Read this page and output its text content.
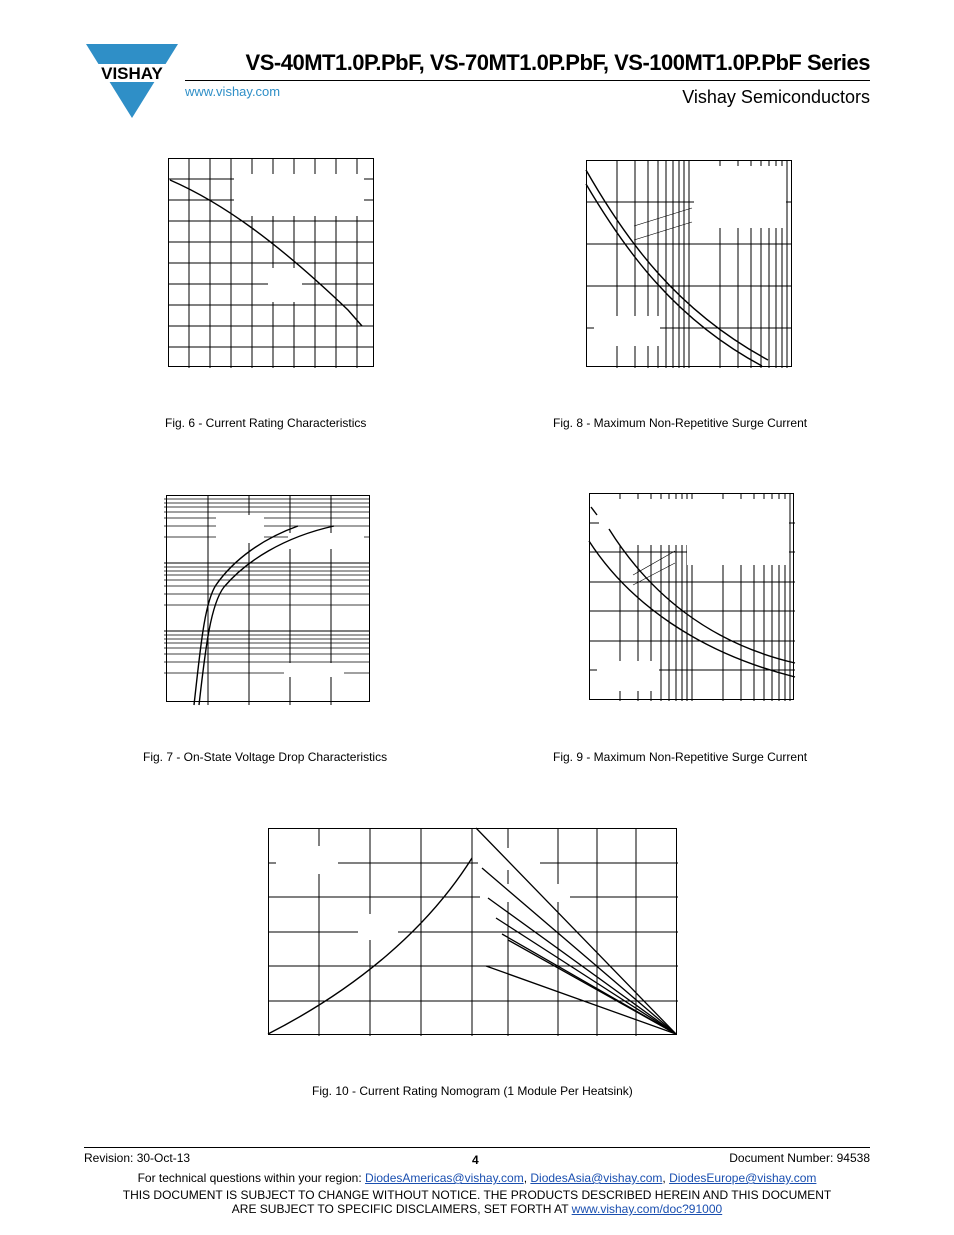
VISHAY	VS-40MT1.0P.PbF, VS-70MT1.0P.PbF, VS-100MT1.0P.PbF Series
www.vishay.com	Vishay Semiconductors
Fig. 6 - Current Rating Characteristics	Fig. 8 - Maximum Non-Repetitive Surge Current
Fig. 7 - On-State Voltage Drop Characteristics	Fig. 9 - Maximum Non-Repetitive Surge Current
Fig. 10 - Current Rating Nomogram (1 Module Per Heatsink)
Revision: 30-Oct-13	4	Document Number: 94538
For technical questions within your region: DiodesAmericas@vishay.com, DiodesAsia@vishay.com, DiodesEurope@vishay.com
THIS DOCUMENT IS SUBJECT TO CHANGE WITHOUT NOTICE. THE PRODUCTS DESCRIBED HEREIN AND THIS DOCUMENT
ARE SUBJECT TO SPECIFIC DISCLAIMERS, SET FORTH AT www.vishay.com/doc?91000
